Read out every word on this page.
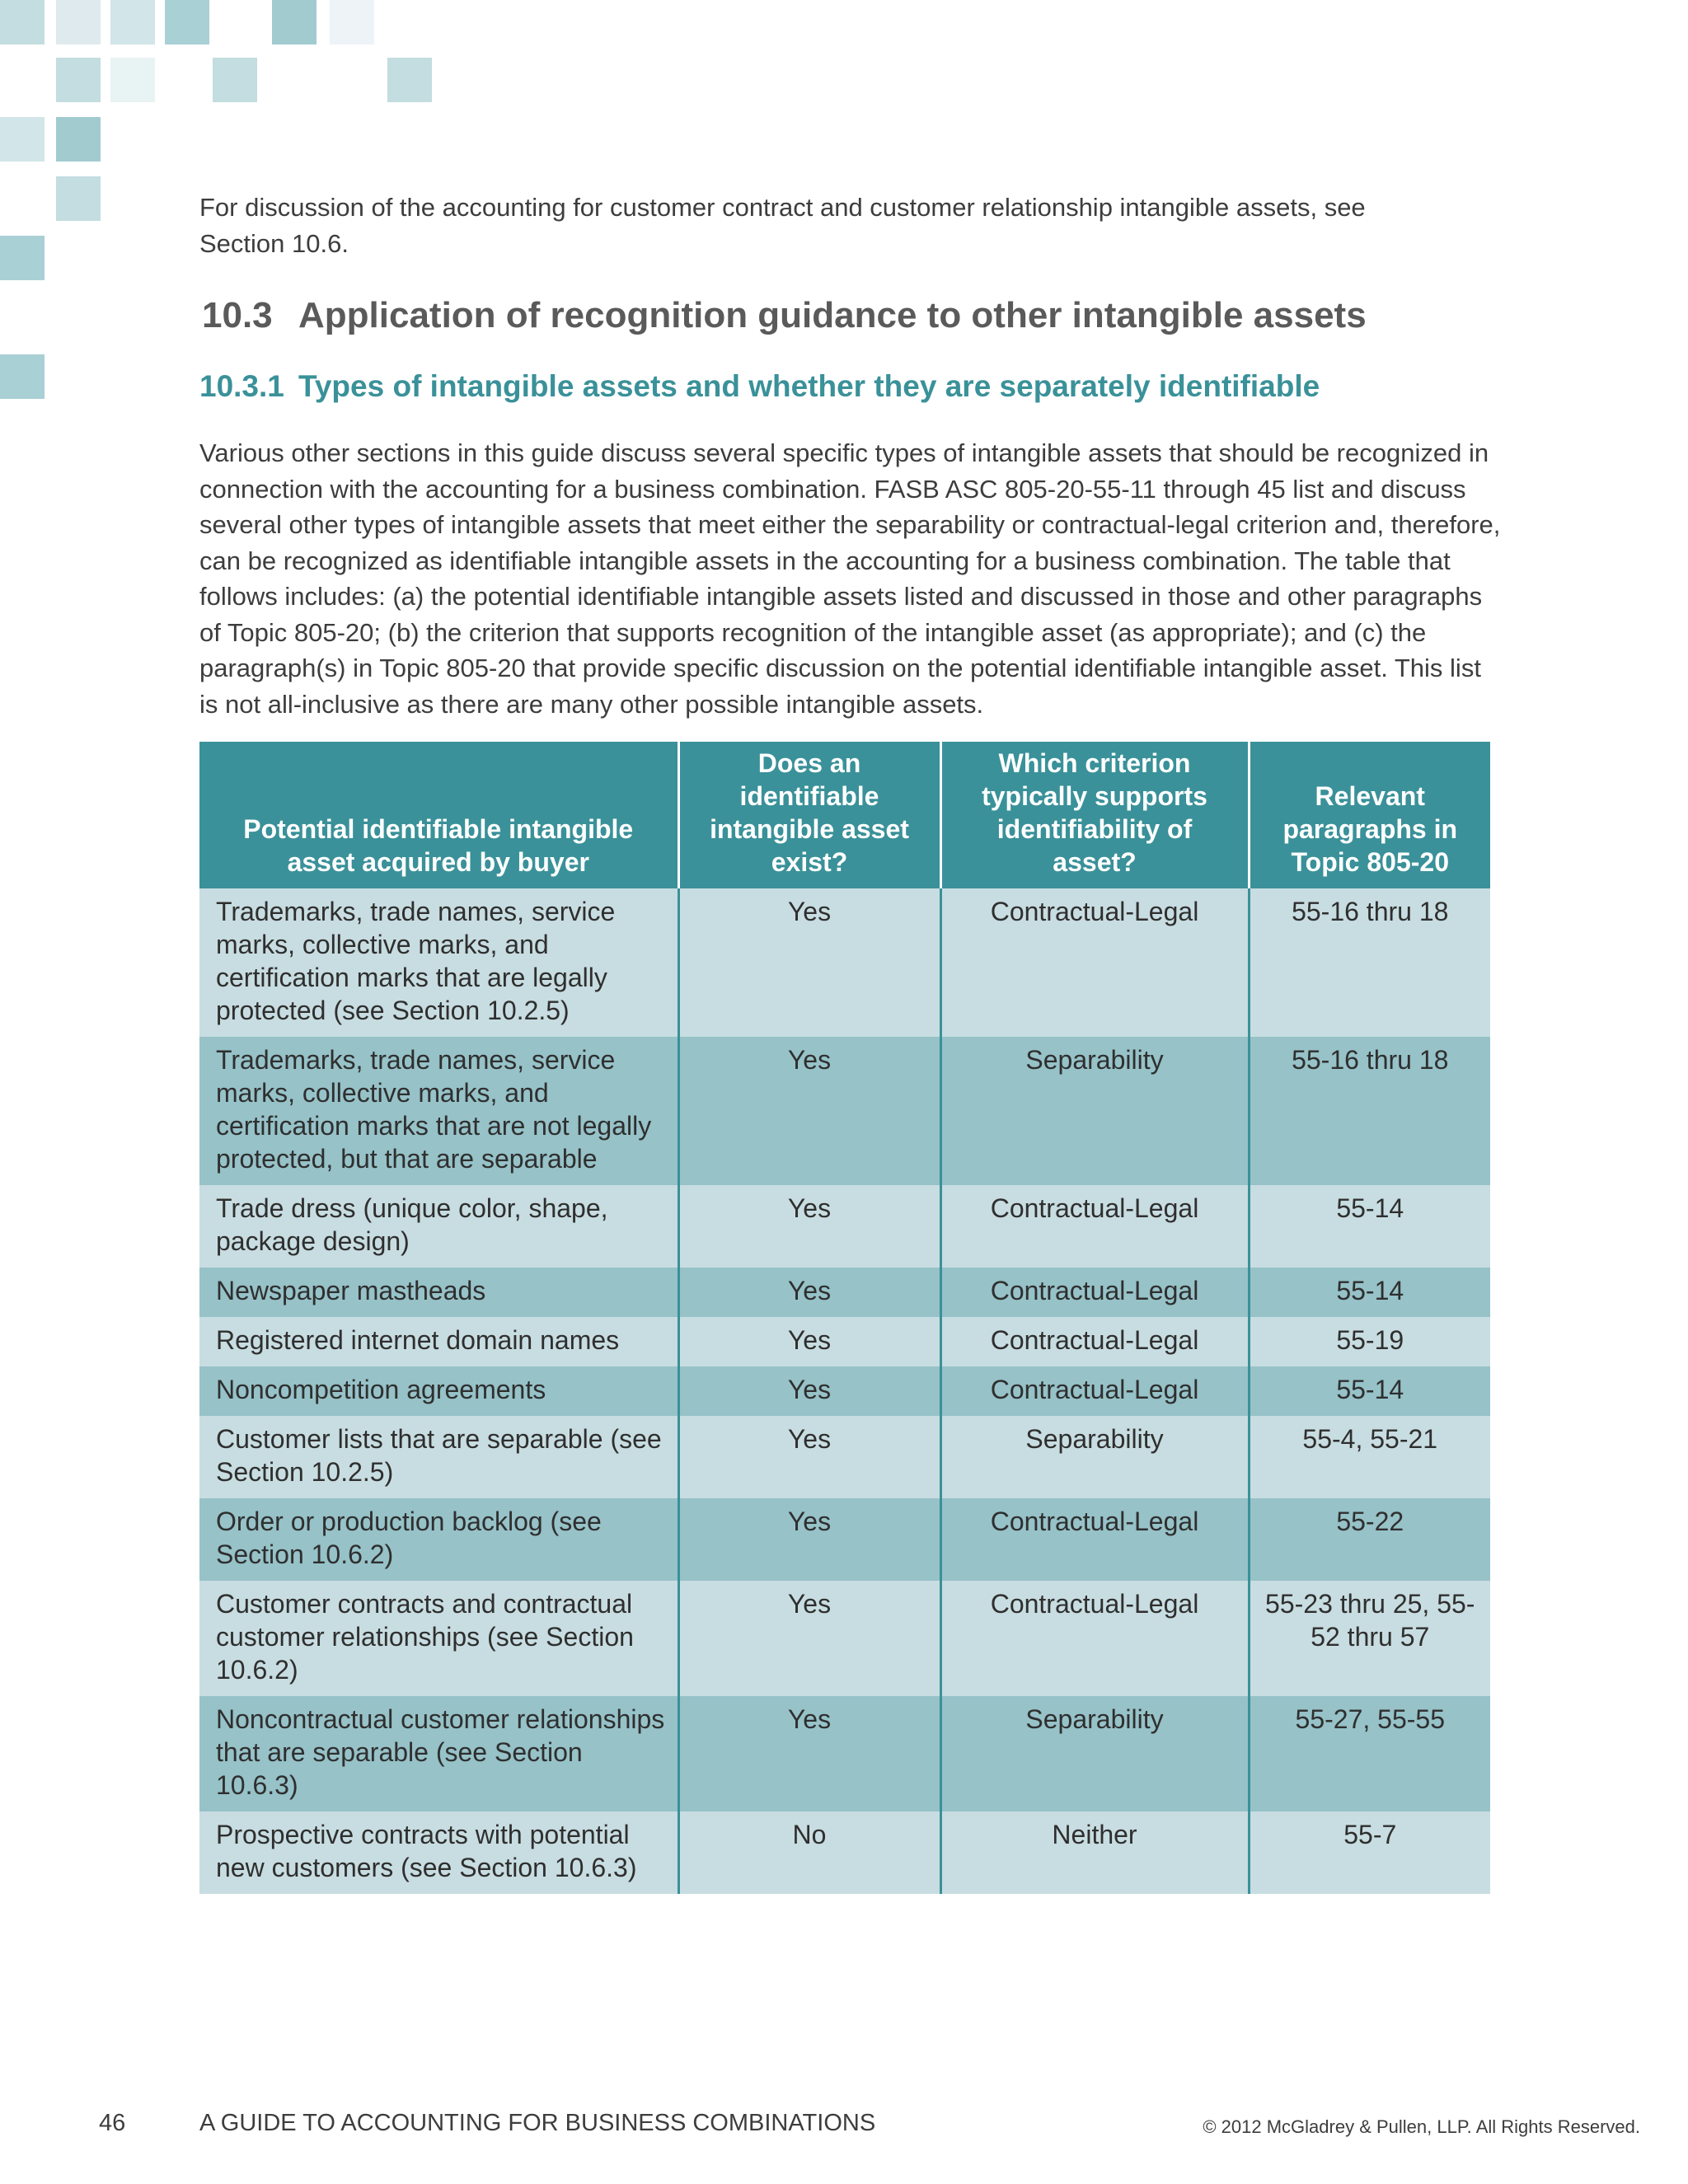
For discussion of the accounting for customer contract and customer relationship intangible assets, see Section 10.6.
10.3 Application of recognition guidance to other intangible assets
10.3.1 Types of intangible assets and whether they are separately identifiable
Various other sections in this guide discuss several specific types of intangible assets that should be recognized in connection with the accounting for a business combination. FASB ASC 805-20-55-11 through 45 list and discuss several other types of intangible assets that meet either the separability or contractual-legal criterion and, therefore, can be recognized as identifiable intangible assets in the accounting for a business combination. The table that follows includes: (a) the potential identifiable intangible assets listed and discussed in those and other paragraphs of Topic 805-20; (b) the criterion that supports recognition of the intangible asset (as appropriate); and (c) the paragraph(s) in Topic 805-20 that provide specific discussion on the potential identifiable intangible asset. This list is not all-inclusive as there are many other possible intangible assets.
Potential identifiable intangible asset acquired by buyer	Does an identifiable intangible asset exist?	Which criterion typically supports identifiability of asset?	Relevant paragraphs in Topic 805-20
Trademarks, trade names, service marks, collective marks, and certification marks that are legally protected (see Section 10.2.5)	Yes	Contractual-Legal	55-16 thru 18
Trademarks, trade names, service marks, collective marks, and certification marks that are not legally protected, but that are separable	Yes	Separability	55-16 thru 18
Trade dress (unique color, shape, package design)	Yes	Contractual-Legal	55-14
Newspaper mastheads	Yes	Contractual-Legal	55-14
Registered internet domain names	Yes	Contractual-Legal	55-19
Noncompetition agreements	Yes	Contractual-Legal	55-14
Customer lists that are separable (see Section 10.2.5)	Yes	Separability	55-4, 55-21
Order or production backlog (see Section 10.6.2)	Yes	Contractual-Legal	55-22
Customer contracts and contractual customer relationships (see Section 10.6.2)	Yes	Contractual-Legal	55-23 thru 25, 55-52 thru 57
Noncontractual customer relationships that are separable (see Section 10.6.3)	Yes	Separability	55-27, 55-55
Prospective contracts with potential new customers (see Section 10.6.3)	No	Neither	55-7
46	A GUIDE TO ACCOUNTING FOR BUSINESS COMBINATIONS	© 2012 McGladrey & Pullen, LLP. All Rights Reserved.
